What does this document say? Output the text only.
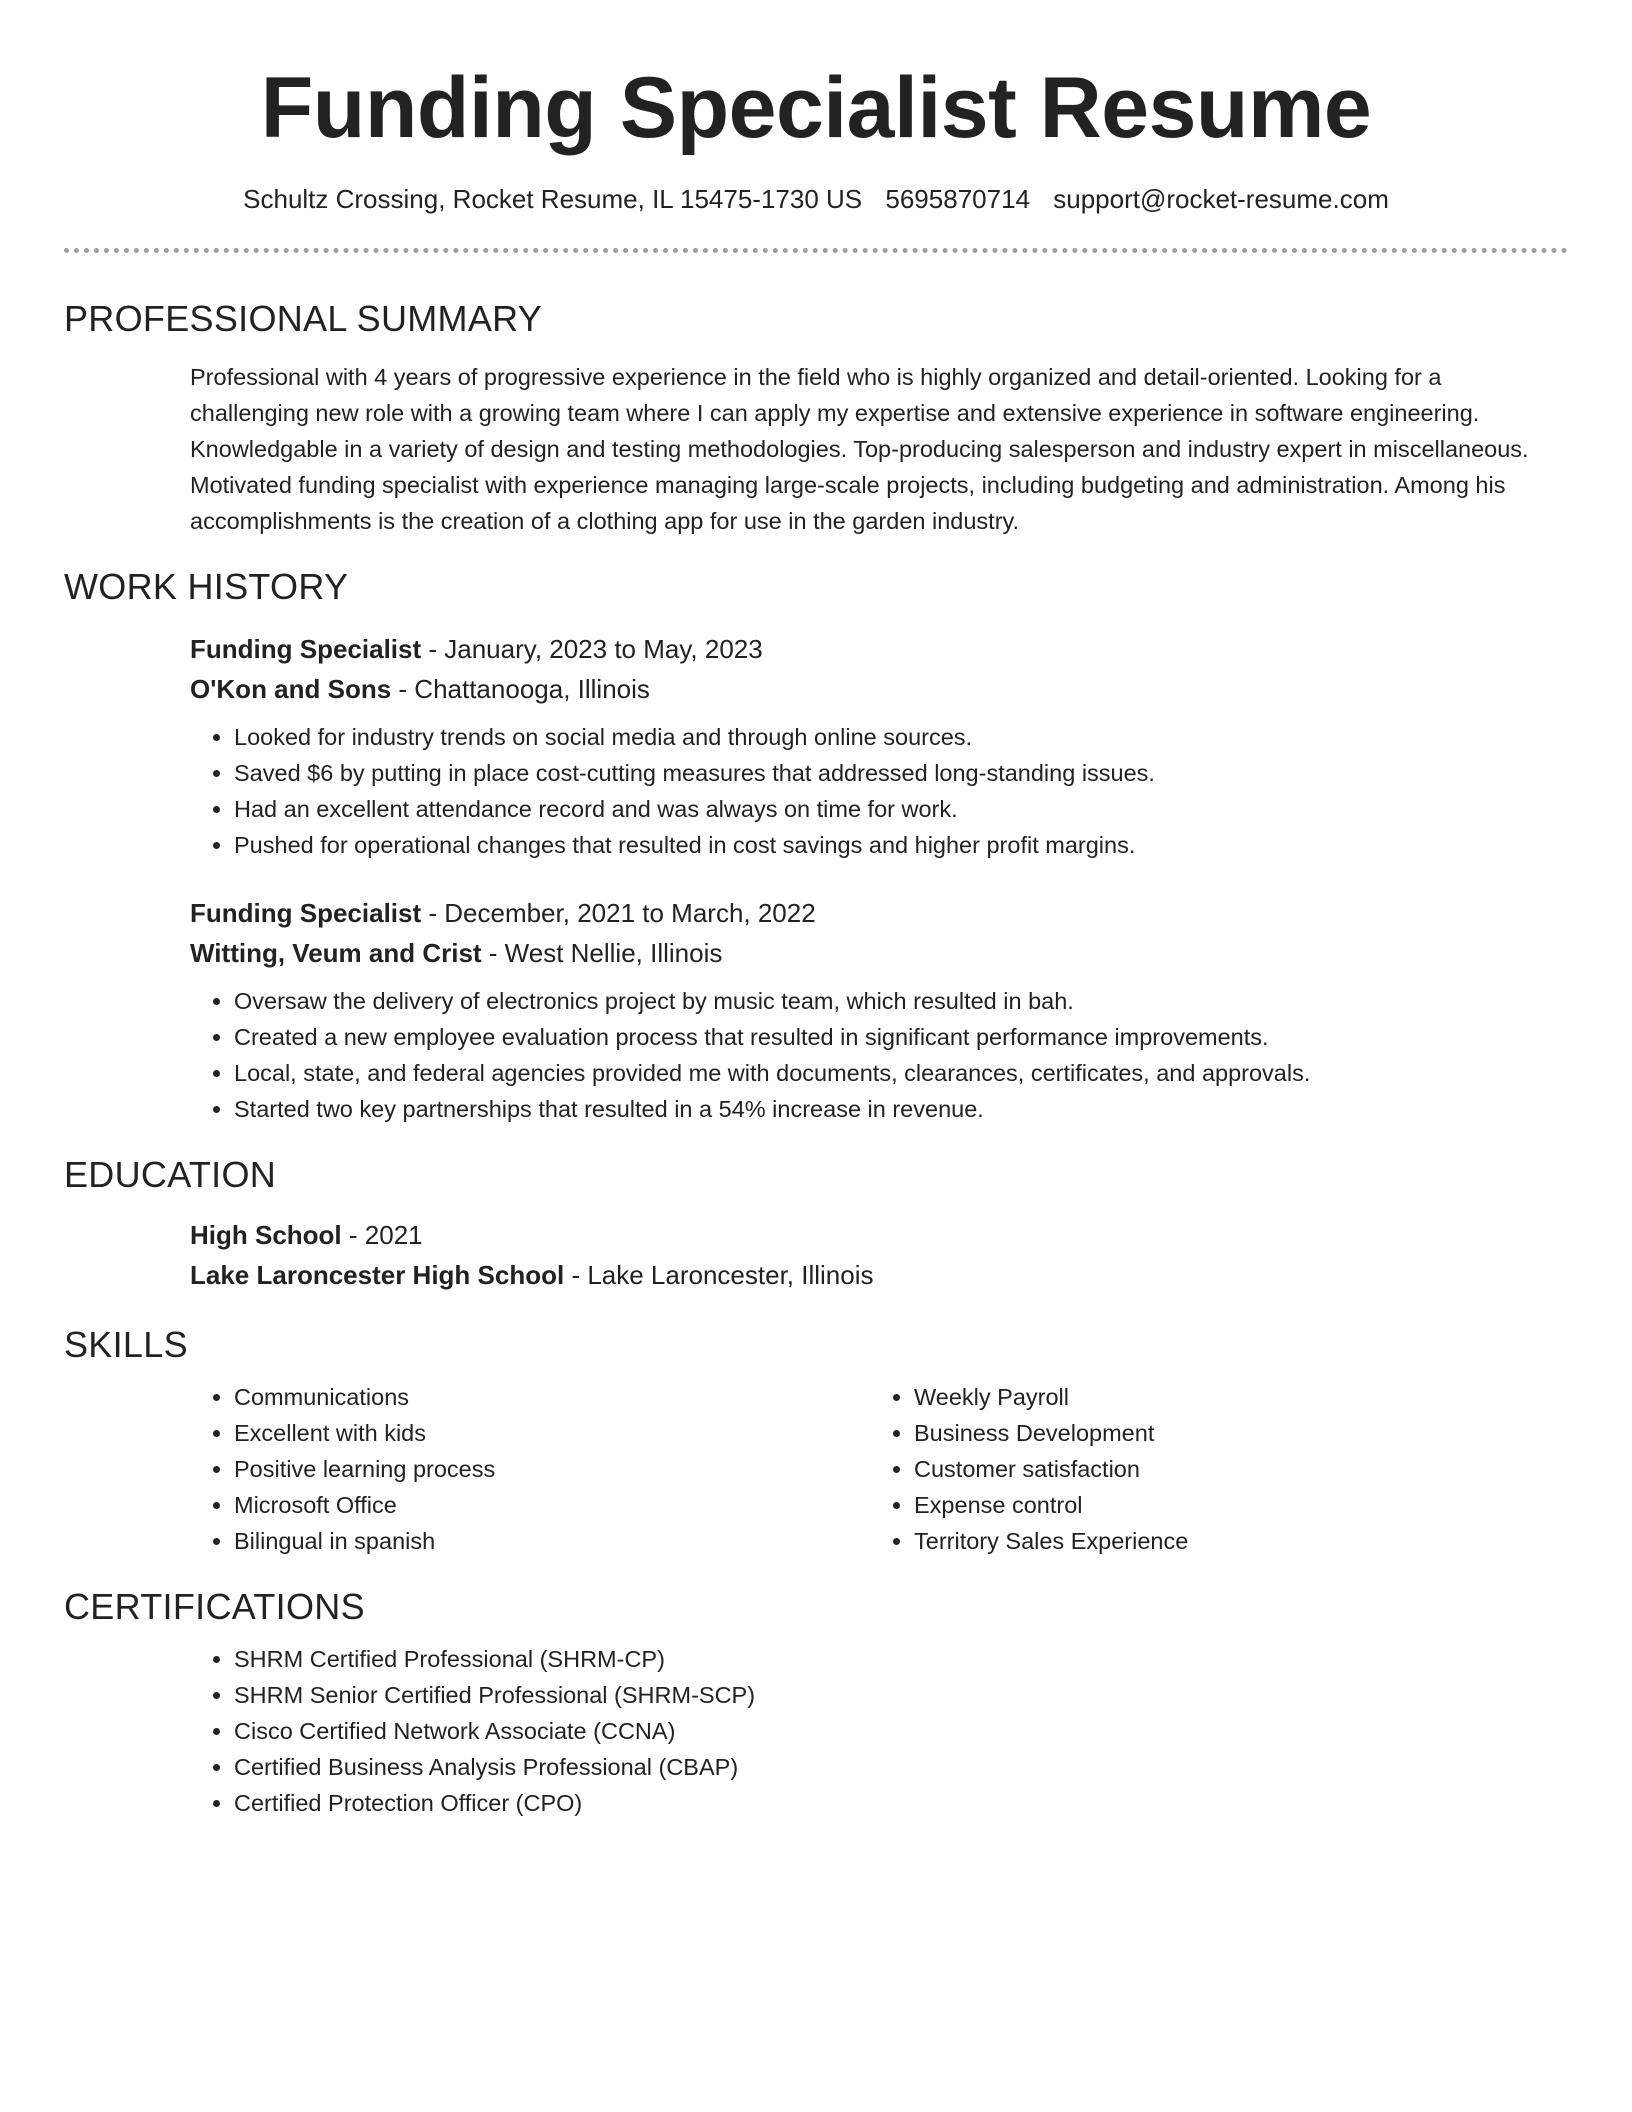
Funding Specialist Resume
Schultz Crossing, Rocket Resume, IL 15475-1730 US 5695870714 support@rocket-resume.com
PROFESSIONAL SUMMARY

Professional with 4 years of progressive experience in the field who is highly organized and detail-oriented. Looking for a challenging new role with a growing team where I can apply my expertise and extensive experience in software engineering. Knowledgable in a variety of design and testing methodologies. Top-producing salesperson and industry expert in miscellaneous. Motivated funding specialist with experience managing large-scale projects, including budgeting and administration. Among his accomplishments is the creation of a clothing app for use in the garden industry.

WORK HISTORY
Funding Specialist - January, 2023 to May, 2023
O'Kon and Sons - Chattanooga, Illinois
• Looked for industry trends on social media and through online sources.
• Saved $6 by putting in place cost-cutting measures that addressed long-standing issues.
• Had an excellent attendance record and was always on time for work.
• Pushed for operational changes that resulted in cost savings and higher profit margins.
Funding Specialist - December, 2021 to March, 2022
Witting, Veum and Crist - West Nellie, Illinois
• Oversaw the delivery of electronics project by music team, which resulted in bah.
• Created a new employee evaluation process that resulted in significant performance improvements.
• Local, state, and federal agencies provided me with documents, clearances, certificates, and approvals.
• Started two key partnerships that resulted in a 54% increase in revenue.
EDUCATION
High School - 2021
Lake Laroncester High School - Lake Laroncester, Illinois
SKILLS
• Communications
• Excellent with kids
• Positive learning process
• Microsoft Office
• Bilingual in spanish
• Weekly Payroll
• Business Development
• Customer satisfaction
• Expense control
• Territory Sales Experience
CERTIFICATIONS
• SHRM Certified Professional (SHRM-CP)
• SHRM Senior Certified Professional (SHRM-SCP)
• Cisco Certified Network Associate (CCNA)
• Certified Business Analysis Professional (CBAP)
• Certified Protection Officer (CPO)
